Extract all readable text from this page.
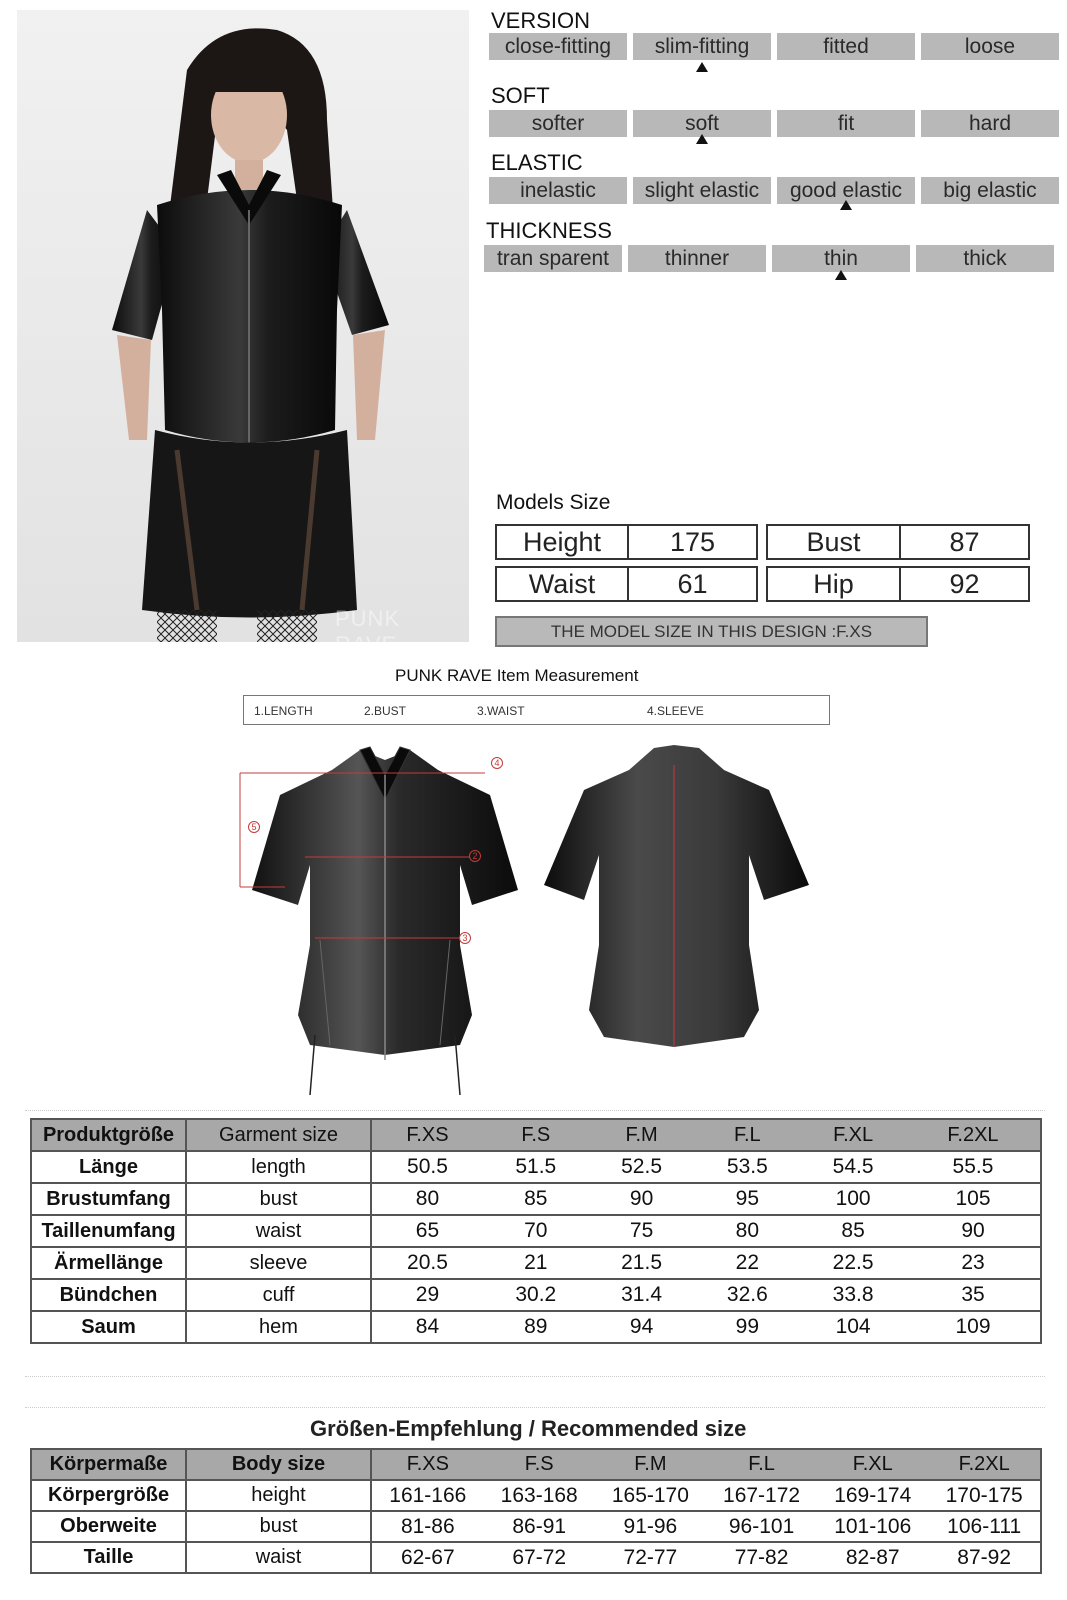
PUNK RAVE
VERSION
close-fitting	slim-fitting	fitted	loose
SOFT
softer	soft	fit	hard
ELASTIC
inelastic	slight elastic	good elastic	big elastic
THICKNESS
tran sparent	thinner	thin	thick
Models Size
Height	175	Bust	87
Waist	61	Hip	92
THE MODEL SIZE IN THIS DESIGN :F.XS
PUNK RAVE Item Measurement
1.LENGTH	2.BUST	3.WAIST	4.SLEEVE
4
5
2
3
Produktgröße	Garment size	F.XS	F.S	F.M	F.L	F.XL	F.2XL
Länge	length	50.5	51.5	52.5	53.5	54.5	55.5
Brustumfang	bust	80	85	90	95	100	105
Taillenumfang	waist	65	70	75	80	85	90
Ärmellänge	sleeve	20.5	21	21.5	22	22.5	23
Bündchen	cuff	29	30.2	31.4	32.6	33.8	35
Saum	hem	84	89	94	99	104	109
Größen-Empfehlung / Recommended size
Körpermaße	Body size	F.XS	F.S	F.M	F.L	F.XL	F.2XL
Körpergröße	height	161-166	163-168	165-170	167-172	169-174	170-175
Oberweite	bust	81-86	86-91	91-96	96-101	101-106	106-111
Taille	waist	62-67	67-72	72-77	77-82	82-87	87-92
